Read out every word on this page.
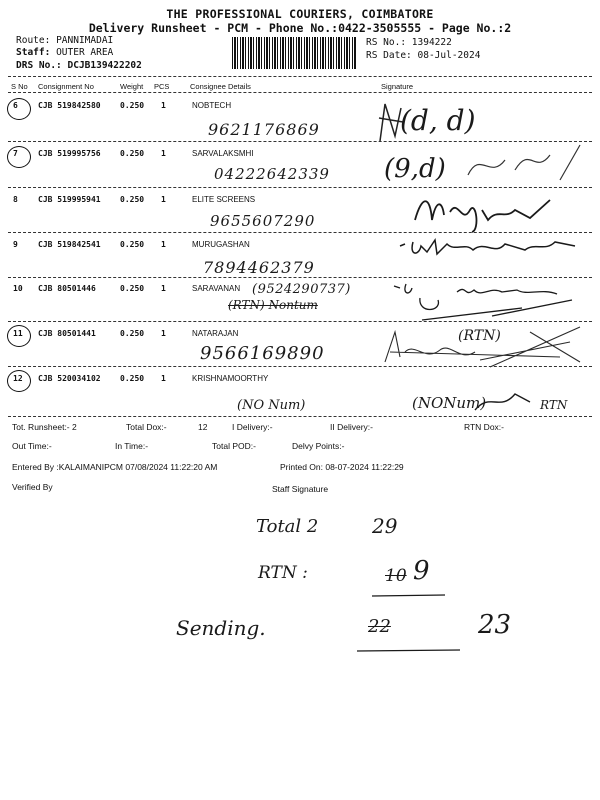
THE PROFESSIONAL COURIERS, COIMBATORE
Delivery Runsheet - PCM - Phone No.:0422-3505555 - Page No.:2
Route: PANNIMADAI
Staff: OUTER AREA
DRS No.: DCJB139422202
RS No.: 1394222
RS Date: 08-Jul-2024
S No Consignment No	Weight PCS	Consignee Details	Signature
6	CJB 519842580 0.250 1	NOBTECH
9621176869	(d, d)
7	CJB 519995756 0.250 1	SARVALAKSMHI
04222642339 (9,d)
8	CJB 519995941 0.250 1	ELITE SCREENS
9655607290
9	CJB 519842541 0.250 1	MURUGASHAN
7894462379
10 CJB 80501446	0.250 1	SARAVANAN (9524290737)
(RTN) Nontum
11 CJB 80501441	0.250 1	NATARAJAN
9566169890
(RTN)
12 CJB 520034102 0.250 1	KRISHNAMOORTHY
(NO Num)	(NONum)	RTN
Tot. Runsheet:- 2	Total Dox:-	12	I Delivery:-	II Delivery:-	RTN Dox:-
Out Time:-	In Time:-	Total POD:-	Delvy Points:-
Entered By :KALAIMANIPCM 07/08/2024 11:22:20 AM	Printed On: 08-07-2024 11:22:29
Verified By	Staff Signature
Total 2	29
RTN :	10 9
Sending.	22	23
